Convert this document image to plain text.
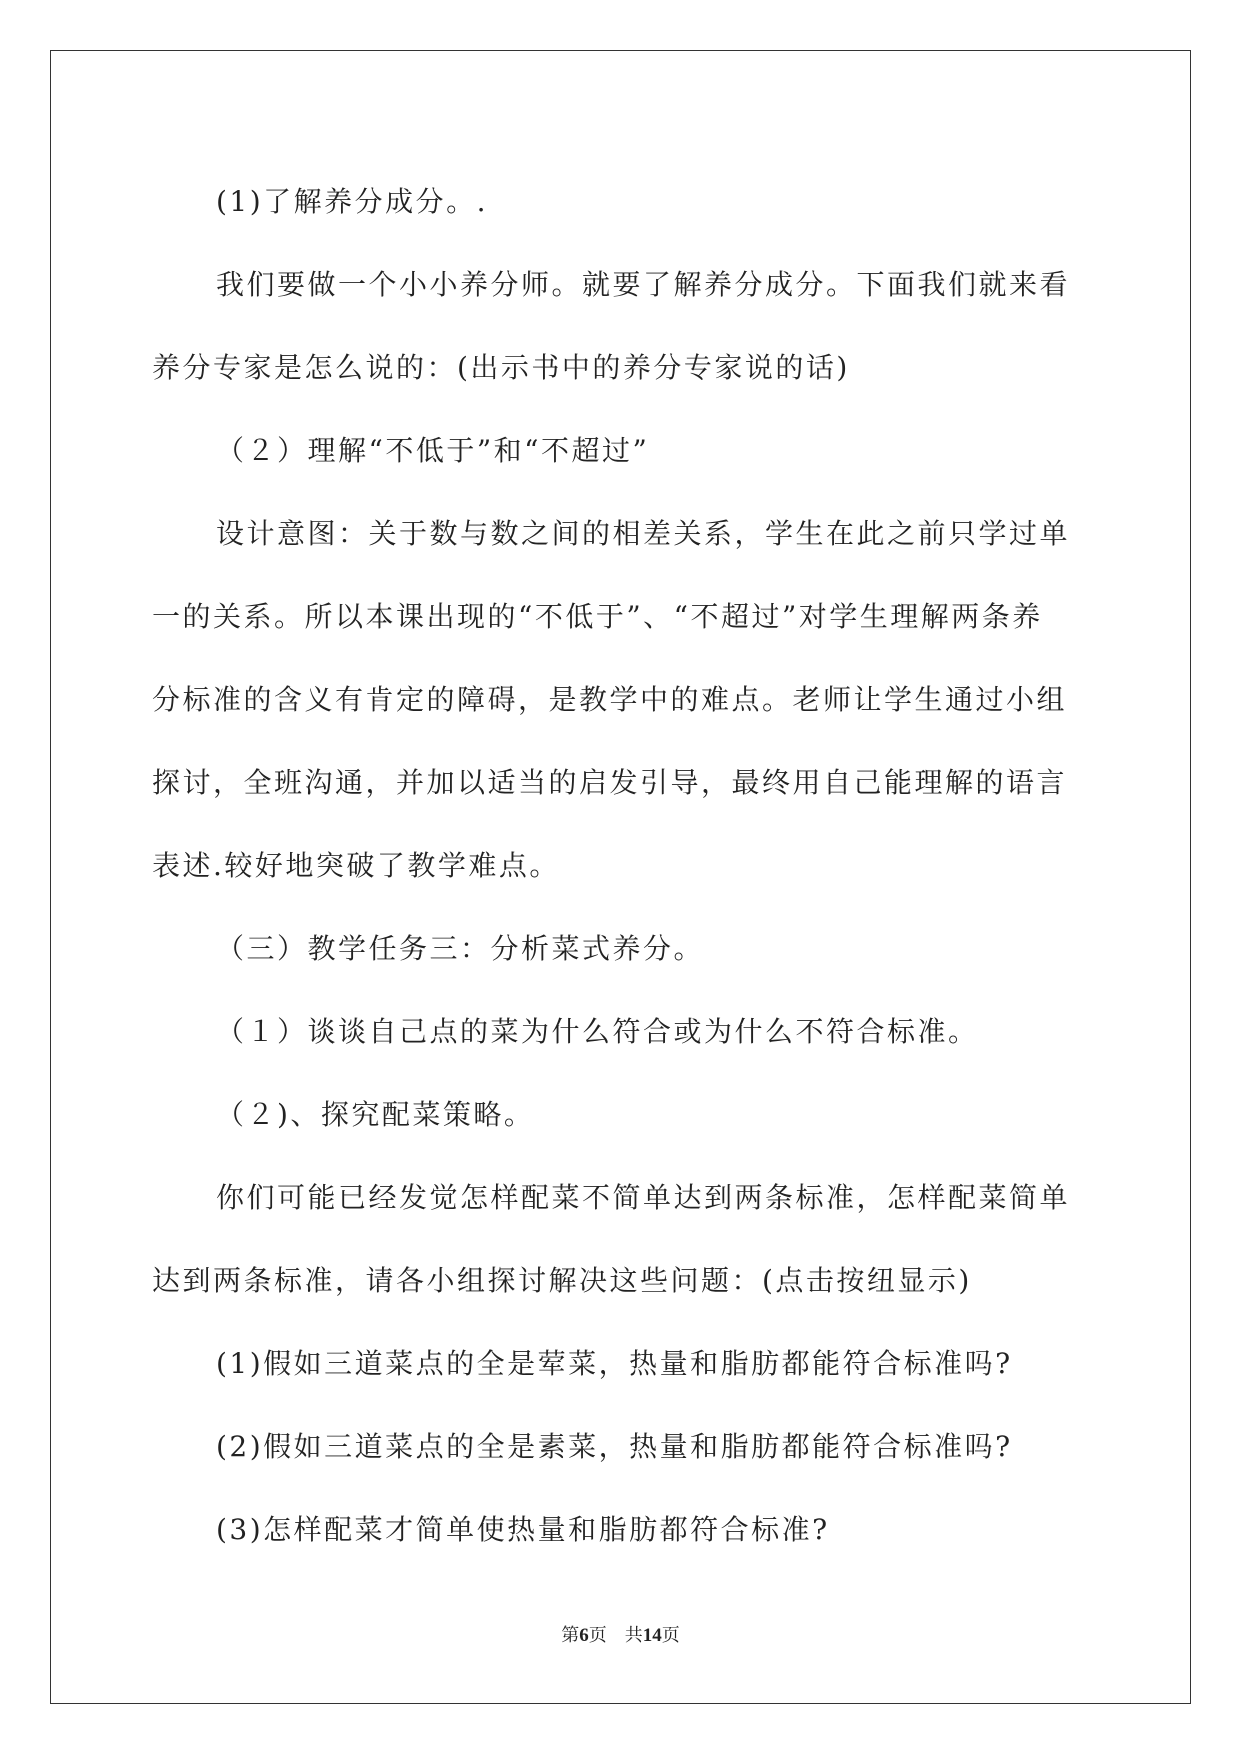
(1)了解养分成分。.

我们要做一个小小养分师。就要了解养分成分。下面我们就来看
养分专家是怎么说的：(出示书中的养分专家说的话)

（２）理解“不低于”和“不超过”

设计意图：关于数与数之间的相差关系，学生在此之前只学过单
一的关系。所以本课出现的“不低于”、“不超过”对学生理解两条养
分标准的含义有肯定的障碍，是教学中的难点。老师让学生通过小组
探讨，全班沟通，并加以适当的启发引导，最终用自己能理解的语言
表述.较好地突破了教学难点。

（三）教学任务三：分析菜式养分。

（１）谈谈自己点的菜为什么符合或为什么不符合标准。

（２)、探究配菜策略。

你们可能已经发觉怎样配菜不简单达到两条标准，怎样配菜简单
达到两条标准，请各小组探讨解决这些问题：(点击按纽显示)

(1)假如三道菜点的全是荤菜，热量和脂肪都能符合标准吗?

(2)假如三道菜点的全是素菜，热量和脂肪都能符合标准吗?

(3)怎样配菜才简单使热量和脂肪都符合标准?

第6页 共14页
